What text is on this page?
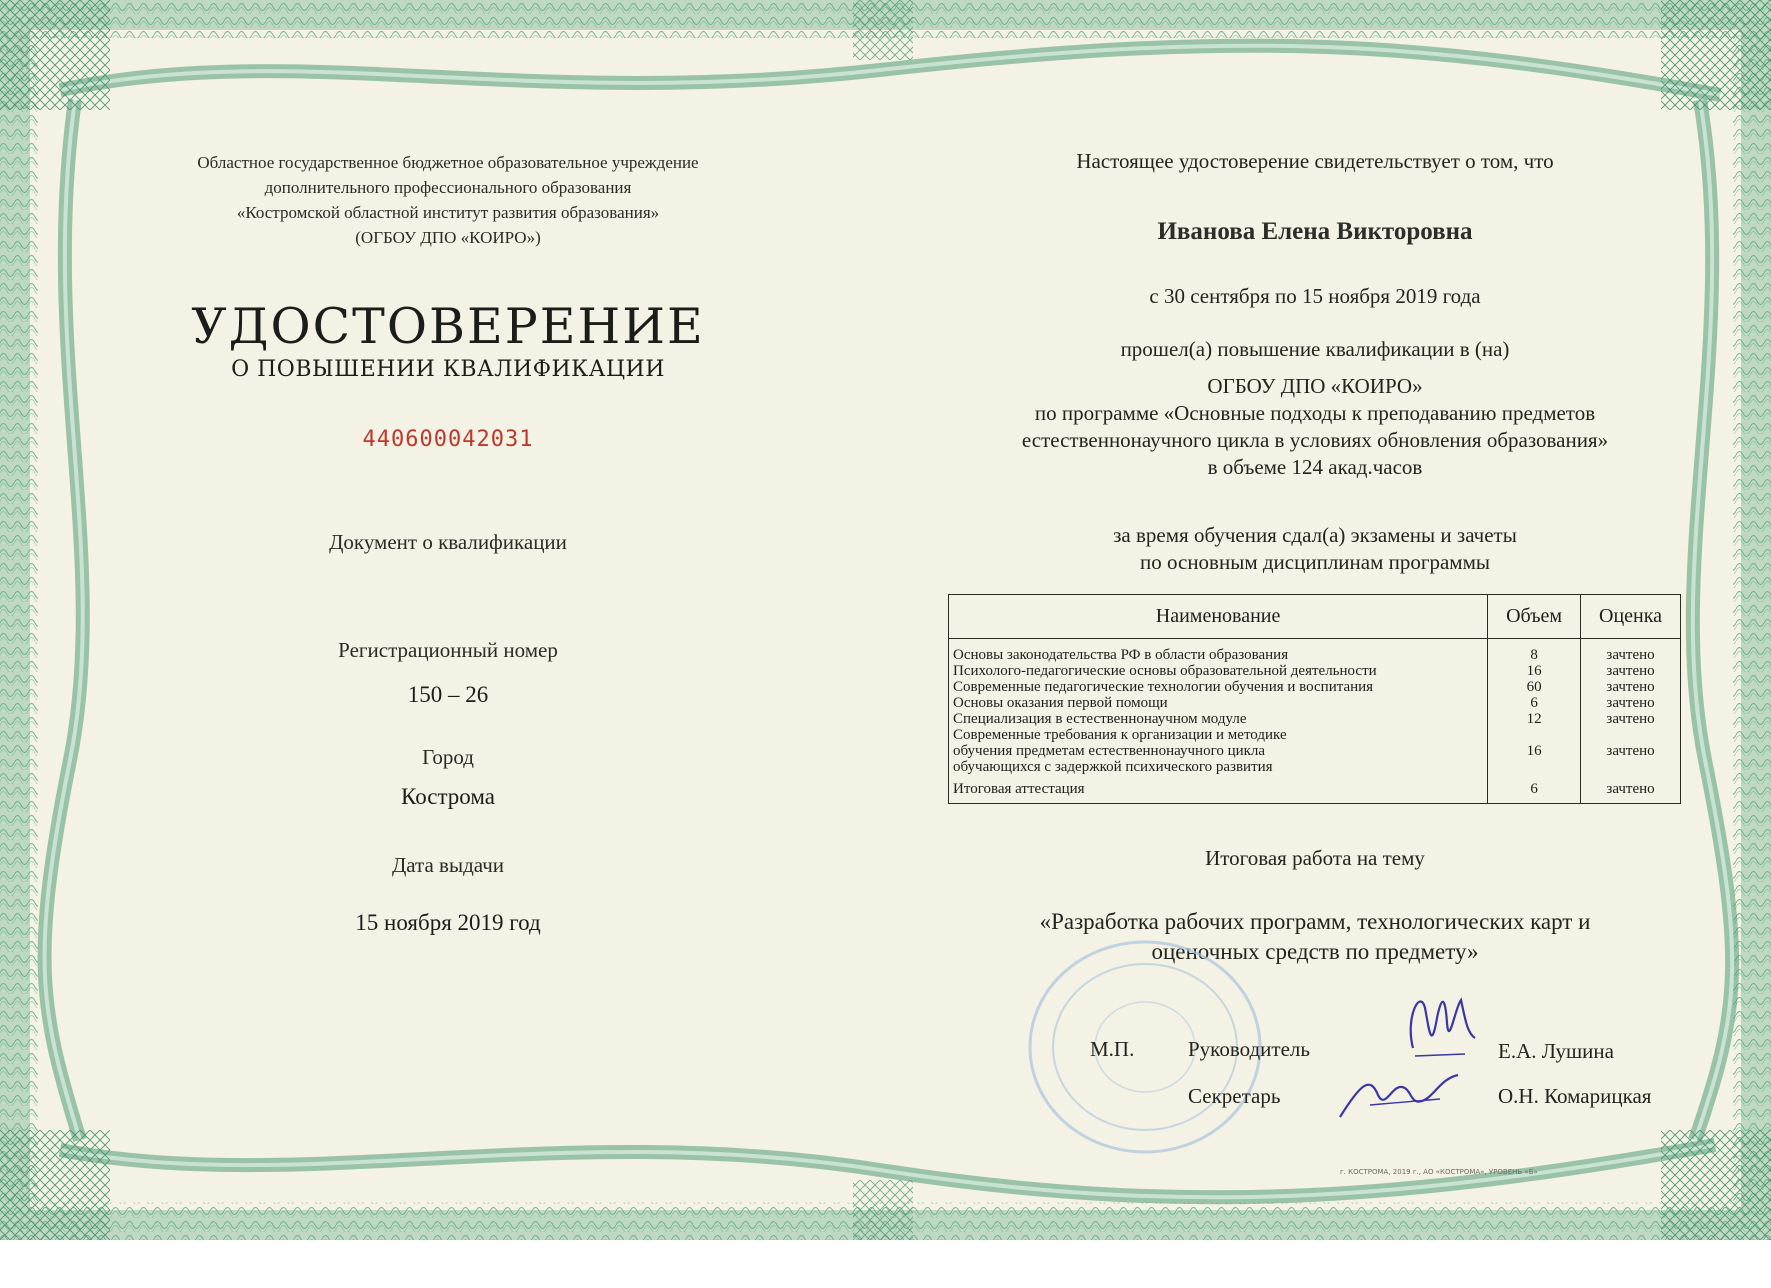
Областное государственное бюджетное образовательное учреждение
дополнительного профессионального образования
«Костромской областной институт развития образования»
(ОГБОУ ДПО «КОИРО»)
УДОСТОВЕРЕНИЕ
О ПОВЫШЕНИИ КВАЛИФИКАЦИИ
440600042031
Документ о квалификации
Регистрационный номер
150 – 26
Город
Кострома
Дата выдачи
15 ноября 2019 год
Настоящее удостоверение свидетельствует о том, что
Иванова Елена Викторовна
с 30 сентября по 15 ноября 2019 года
прошел(а) повышение квалификации в (на)
ОГБОУ ДПО «КОИРО»
по программе «Основные подходы к преподаванию предметов
естественнонаучного цикла в условиях обновления образования»
в объеме 124 акад.часов
за время обучения сдал(а) экзамены и зачеты
по основным дисциплинам программы
Наименование	Объем	Оценка
Основы законодательства РФ в области образования	8	зачтено
Психолого-педагогические основы образовательной деятельности	16	зачтено
Современные педагогические технологии обучения и воспитания	60	зачтено
Основы оказания первой помощи	6	зачтено
Специализация в естественнонаучном модуле	12	зачтено

Современные требования к организации и методике
обучения предметам естественнонаучного цикла
обучающихся с задержкой психического развития	16	зачтено
Итоговая аттестация	6	зачтено
Итоговая работа на тему
«Разработка рабочих программ, технологических карт и
оценочных средств по предмету»
М.П.	Руководитель	Е.А. Лушина
Секретарь	О.Н. Комарицкая
г. КОСТРОМА, 2019 г., АО «КОСТРОМА», УРОВЕНЬ «Б»
